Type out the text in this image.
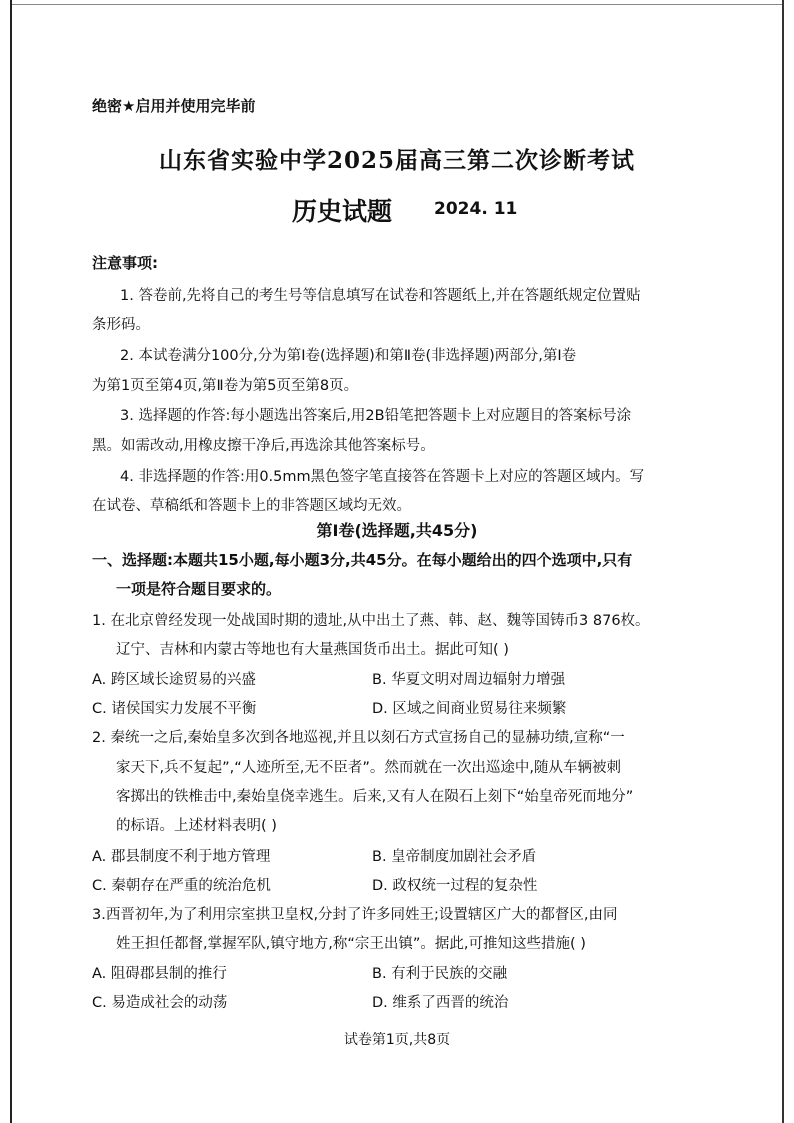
绝密★启用并使用完毕前
山东省实验中学2025届高三第二次诊断考试
历史试题 2024. 11
注意事项:
1. 答卷前,先将自己的考生号等信息填写在试卷和答题纸上,并在答题纸规定位置贴
条形码。
2. 本试卷满分100分,分为第Ⅰ卷(选择题)和第Ⅱ卷(非选择题)两部分,第Ⅰ卷
为第1页至第4页,第Ⅱ卷为第5页至第8页。
3. 选择题的作答:每小题选出答案后,用2B铅笔把答题卡上对应题目的答案标号涂
黑。如需改动,用橡皮擦干净后,再选涂其他答案标号。
4. 非选择题的作答:用0.5mm黑色签字笔直接答在答题卡上对应的答题区域内。写
在试卷、草稿纸和答题卡上的非答题区域均无效。
第Ⅰ卷(选择题,共45分)
一、选择题:本题共15小题,每小题3分,共45分。在每小题给出的四个选项中,只有
一项是符合题目要求的。
1. 在北京曾经发现一处战国时期的遗址,从中出土了燕、韩、赵、魏等国铸币3 876枚。
辽宁、吉林和内蒙古等地也有大量燕国货币出土。据此可知( )
A. 跨区域长途贸易的兴盛	B. 华夏文明对周边辐射力增强
C. 诸侯国实力发展不平衡	D. 区域之间商业贸易往来频繁
2. 秦统一之后,秦始皇多次到各地巡视,并且以刻石方式宣扬自己的显赫功绩,宣称“一
家天下,兵不复起”,“人迹所至,无不臣者”。然而就在一次出巡途中,随从车辆被刺
客掷出的铁椎击中,秦始皇侥幸逃生。后来,又有人在陨石上刻下“始皇帝死而地分”
的标语。上述材料表明( )
A. 郡县制度不利于地方管理	B. 皇帝制度加剧社会矛盾
C. 秦朝存在严重的统治危机	D. 政权统一过程的复杂性
3.西晋初年,为了利用宗室拱卫皇权,分封了许多同姓王;设置辖区广大的都督区,由同
姓王担任都督,掌握军队,镇守地方,称“宗王出镇”。据此,可推知这些措施( )
A. 阻碍郡县制的推行	B. 有利于民族的交融
C. 易造成社会的动荡	D. 维系了西晋的统治
试卷第1页,共8页
